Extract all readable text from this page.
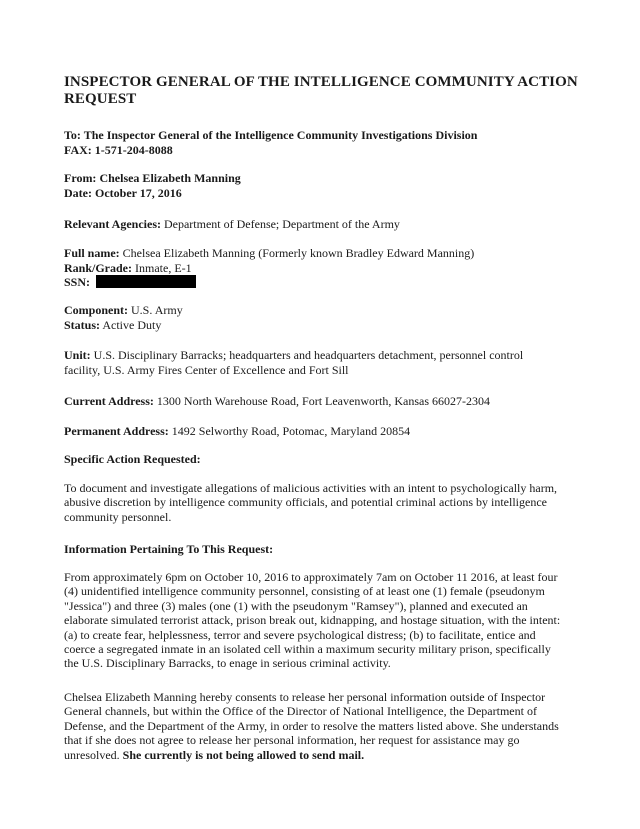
INSPECTOR GENERAL OF THE INTELLIGENCE COMMUNITY ACTION REQUEST
To: The Inspector General of the Intelligence Community Investigations Division
FAX: 1-571-204-8088
From: Chelsea Elizabeth Manning
Date: October 17, 2016
Relevant Agencies: Department of Defense; Department of the Army
Full name: Chelsea Elizabeth Manning (Formerly known Bradley Edward Manning)
Rank/Grade: Inmate, E-1
SSN:
Component: U.S. Army
Status: Active Duty
Unit: U.S. Disciplinary Barracks; headquarters and headquarters detachment, personnel control
facility, U.S. Army Fires Center of Excellence and Fort Sill
Current Address: 1300 North Warehouse Road, Fort Leavenworth, Kansas 66027-2304
Permanent Address: 1492 Selworthy Road, Potomac, Maryland 20854
Specific Action Requested:
To document and investigate allegations of malicious activities with an intent to psychologically harm,
abusive discretion by intelligence community officials, and potential criminal actions by intelligence
community personnel.
Information Pertaining To This Request:
From approximately 6pm on October 10, 2016 to approximately 7am on October 11 2016, at least four
(4) unidentified intelligence community personnel, consisting of at least one (1) female (pseudonym
"Jessica") and three (3) males (one (1) with the pseudonym "Ramsey"), planned and executed an
elaborate simulated terrorist attack, prison break out, kidnapping, and hostage situation, with the intent:
(a) to create fear, helplessness, terror and severe psychological distress; (b) to facilitate, entice and
coerce a segregated inmate in an isolated cell within a maximum security military prison, specifically
the U.S. Disciplinary Barracks, to enage in serious criminal activity.
Chelsea Elizabeth Manning hereby consents to release her personal information outside of Inspector
General channels, but within the Office of the Director of National Intelligence, the Department of
Defense, and the Department of the Army, in order to resolve the matters listed above. She understands
that if she does not agree to release her personal information, her request for assistance may go
unresolved. She currently is not being allowed to send mail.
